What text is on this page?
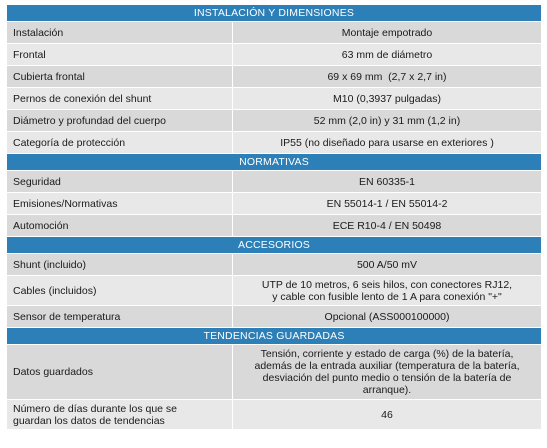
INSTALACIÓN Y DIMENSIONES	
Instalación	Montaje empotrado
Frontal	63 mm de diámetro
Cubierta frontal	69 x 69 mm  (2,7 x 2,7 in)
Pernos de conexión del shunt	M10 (0,3937 pulgadas)
Diámetro y profundad del cuerpo	52 mm (2,0 in) y 31 mm (1,2 in)
Categoría de protección	IP55 (no diseñado para usarse en exteriores )
NORMATIVAS	
Seguridad	EN 60335-1
Emisiones/Normativas	EN 55014-1 / EN 55014-2
Automoción	ECE R10-4 / EN 50498
ACCESORIOS	
Shunt (incluido)	500 A/50 mV
Cables (incluidos)	UTP de 10 metros, 6 seis hilos, con conectores RJ12,
y cable con fusible lento de 1 A para conexión "+"

Sensor de temperatura	Opcional (ASS000100000)
TENDENCIAS GUARDADAS	
Datos guardados	Tensión, corriente y estado de carga (%) de la batería,
además de la entrada auxiliar (temperatura de la batería,
desviación del punto medio o tensión de la batería de
arranque).

Número de días durante los que se
guardan los datos de tendencias	46
